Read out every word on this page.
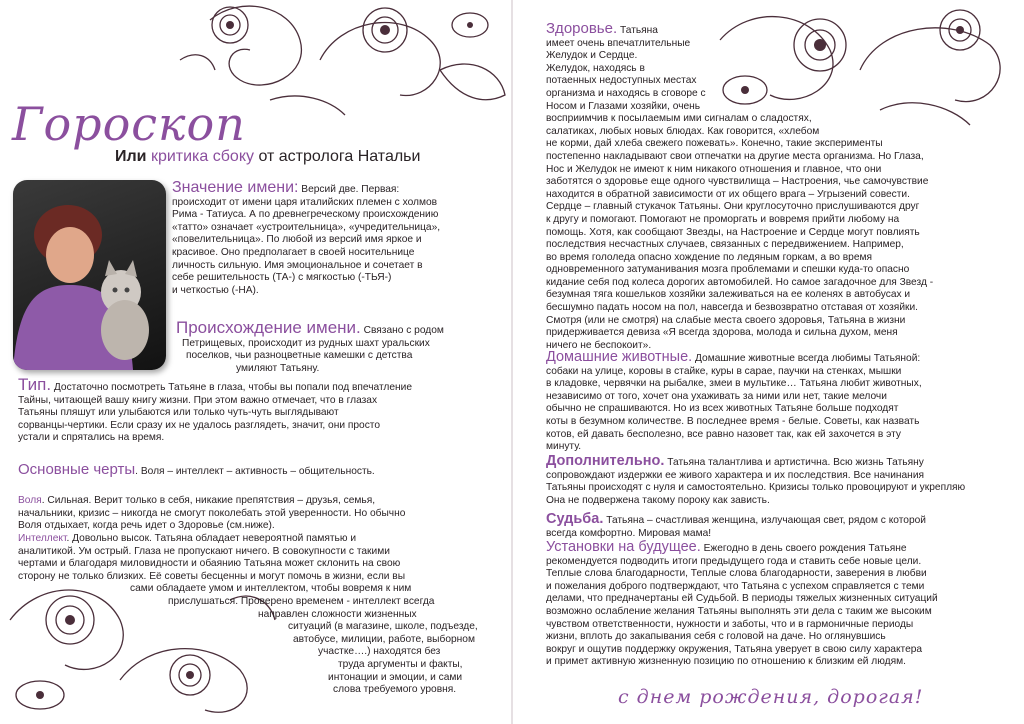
Гороскоп
Или критика сбоку от астролога Натальи

Значение имени: Версий две. Первая:

происходит от имени царя италийских племен с холмов

Рима - Татиуса. А по древнегреческому происхождению

«татто» означает «устроительница», «учредительница»,

«повелительница». По любой из версий имя яркое и

красивое. Оно предполагает в своей носительнице

личность сильную. Имя эмоциональное и сочетает в

себе решительность (ТА-) с мягкостью (-ТЬЯ-)

и четкостью (-НА).

Происхождение имени. Связано с родом

Петрищевых, происходит из рудных шахт уральских

поселков, чьи разноцветные камешки с детства

умиляют Татьяну.

Тип. Достаточно посмотреть Татьяне в глаза, чтобы вы попали под впечатление

Тайны, читающей вашу книгу жизни. При этом важно отмечает, что в глазах

Татьяны пляшут или улыбаются или только чуть-чуть выглядывают

сорванцы-чертики. Если сразу их не удалось разглядеть, значит, они просто

устали и спрятались на время.

Основные черты. Воля – интеллект – активность – общительность.

Воля. Сильная. Верит только в себя, никакие препятствия – друзья, семья,

начальники, кризис – никогда не смогут поколебать этой уверенности. Но обычно

Воля отдыхает, когда речь идет о Здоровье (см.ниже).

Интеллект. Довольно высок. Татьяна обладает невероятной памятью и

аналитикой. Ум острый. Глаза не пропускают ничего. В совокупности с такими

чертами и благодаря миловидности и обаянию Татьяна может склонить на свою

сторону не только близких. Её советы бесценны и могут помочь в жизни, если вы

сами обладаете умом и интеллектом, чтобы вовремя к ним

прислушаться. Проверено временем - интеллект всегда

направлен сложности жизненных

ситуаций (в магазине, школе, подъезде,

автобусе, милиции, работе, выборном

участке….) находятся без

труда аргументы и факты,

интонации и эмоции, и сами

слова требуемого уровня.

Здоровье. Татьяна

имеет очень впечатлительные

Желудок и Сердце.

Желудок, находясь в

потаенных недоступных местах

организма и находясь в сговоре с

Носом и Глазами хозяйки, очень

восприимчив к посылаемым ими сигналам о сладостях,

салатиках, любых новых блюдах. Как говорится, «хлебом

не корми, дай хлеба свежего пожевать». Конечно, такие эксперименты

постепенно накладывают свои отпечатки на другие места организма. Но Глаза,

Нос и Желудок не имеют к ним никакого отношения и главное, что они

заботятся о здоровье еще одного чувствилища – Настроения, чье самочувствие

находится в обратной зависимости от их общего врага – Угрызений совести.

Сердце – главный стукачок Татьяны. Они круглосуточно прислушиваются друг

к другу и помогают. Помогают не проморгать и вовремя прийти любому на

помощь. Хотя, как сообщают Звезды, на Настроение и Сердце могут повлиять

последствия несчастных случаев, связанных с передвижением. Например,

во время гололеда опасно хождение по ледяным горкам, а во время

одновременного затуманивания мозга проблемами и спешки куда-то опасно

кидание себя под колеса дорогих автомобилей. Но самое загадочное для Звезд -

безумная тяга кошельков хозяйки залеживаться на ее коленях в автобусах и

бесшумно падать носом на пол, навсегда и безвозвратно отставая от хозяйки.

Смотря (или не смотря) на слабые места своего здоровья, Татьяна в жизни

придерживается девиза «Я всегда здорова, молода и сильна духом, меня

ничего не беспокоит».

Домашние животные. Домашние животные всегда любимы Татьяной:

собаки на улице, коровы в стайке, куры в сарае, паучки на стенках, мышки

в кладовке, червячки на рыбалке, змеи в мультике… Татьяна любит животных,

независимо от того, хочет она ухаживать за ними или нет, такие мелочи

обычно не спрашиваются. Но из всех животных Татьяне больше подходят

коты в безумном количестве. В последнее время - белые. Советы, как назвать

котов, ей давать бесполезно, все равно назовет так, как ей захочется в эту

минуту.

Дополнительно. Татьяна талантлива и артистична. Всю жизнь Татьяну

сопровождают издержки ее живого характера и их последствия. Все начинания

Татьяны происходят с нуля и самостоятельно. Кризисы только провоцируют и укрепляю

Она не подвержена такому пороку как зависть.

Судьба. Татьяна – счастливая женщина, излучающая свет, рядом с которой

всегда комфортно. Мировая мама!

Установки на будущее. Ежегодно в день своего рождения Татьяне

рекомендуется подводить итоги предыдущего года и ставить себе новые цели.

Теплые слова благодарности, Теплые слова благодарности, заверения в любви

и пожелания доброго подтверждают, что Татьяна с успехом справляется с теми

делами, что предначертаны ей Судьбой. В периоды тяжелых жизненных ситуаций

возможно ослабление желания Татьяны выполнять эти дела с таким же высоким

чувством ответственности, нужности и заботы, что и в гармоничные периоды

жизни, вплоть до закапывания себя с головой на даче. Но оглянувшись

вокруг и ощутив поддержку окружения, Татьяна уверует в свою силу характера

и примет активную жизненную позицию по отношению к близким ей людям.

с днем рождения, дорогая!
